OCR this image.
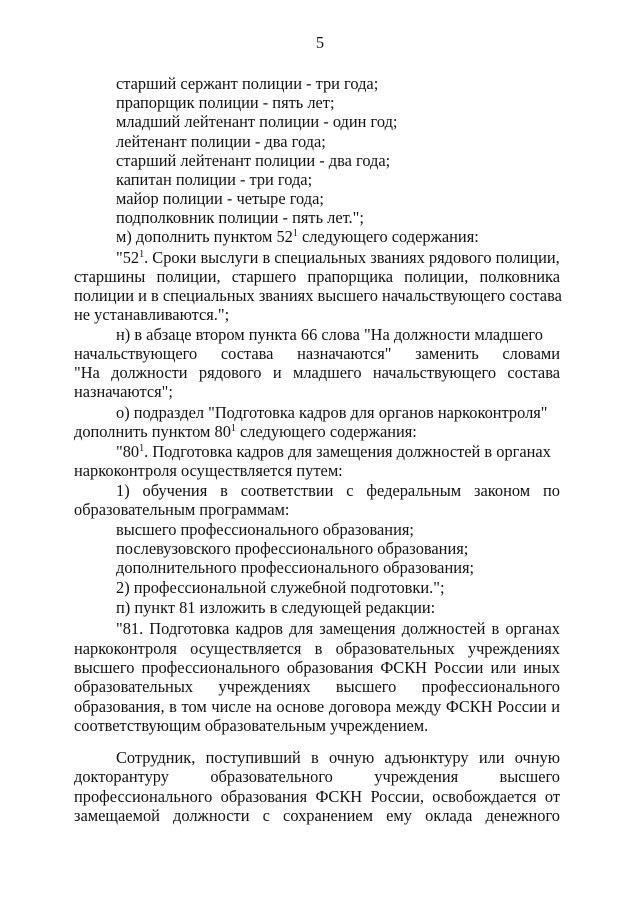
5
старший сержант полиции - три года;
прапорщик полиции - пять лет;
младший лейтенант полиции - один год;
лейтенант полиции - два года;
старший лейтенант полиции - два года;
капитан полиции - три года;
майор полиции - четыре года;
подполковник полиции - пять лет.";
м) дополнить пунктом $52^1$ следующего содержания:
"$52^1$. Сроки выслуги в специальных званиях рядового полиции,
старшины полиции, старшего прапорщика полиции, полковника
полиции и в специальных званиях высшего начальствующего состава
не устанавливаются.";
н) в абзаце втором пункта 66 слова "На должности младшего
начальствующего состава назначаются" заменить словами
"На должности рядового и младшего начальствующего состава
назначаются";
о) подраздел "Подготовка кадров для органов наркоконтроля"
дополнить пунктом $80^1$ следующего содержания:
"$80^1$. Подготовка кадров для замещения должностей в органах
наркоконтроля осуществляется путем:
1) обучения в соответствии с федеральным законом по
образовательным программам:
высшего профессионального образования;
послевузовского профессионального образования;
дополнительного профессионального образования;
2) профессиональной служебной подготовки.";
п) пункт 81 изложить в следующей редакции:
"81. Подготовка кадров для замещения должностей в органах
наркоконтроля осуществляется в образовательных учреждениях
высшего профессионального образования ФСКН России или иных
образовательных учреждениях высшего профессионального
образования, в том числе на основе договора между ФСКН России и
соответствующим образовательным учреждением.
Сотрудник, поступивший в очную адъюнктуру или очную
докторантуру образовательного учреждения высшего
профессионального образования ФСКН России, освобождается от
замещаемой должности с сохранением ему оклада денежного
